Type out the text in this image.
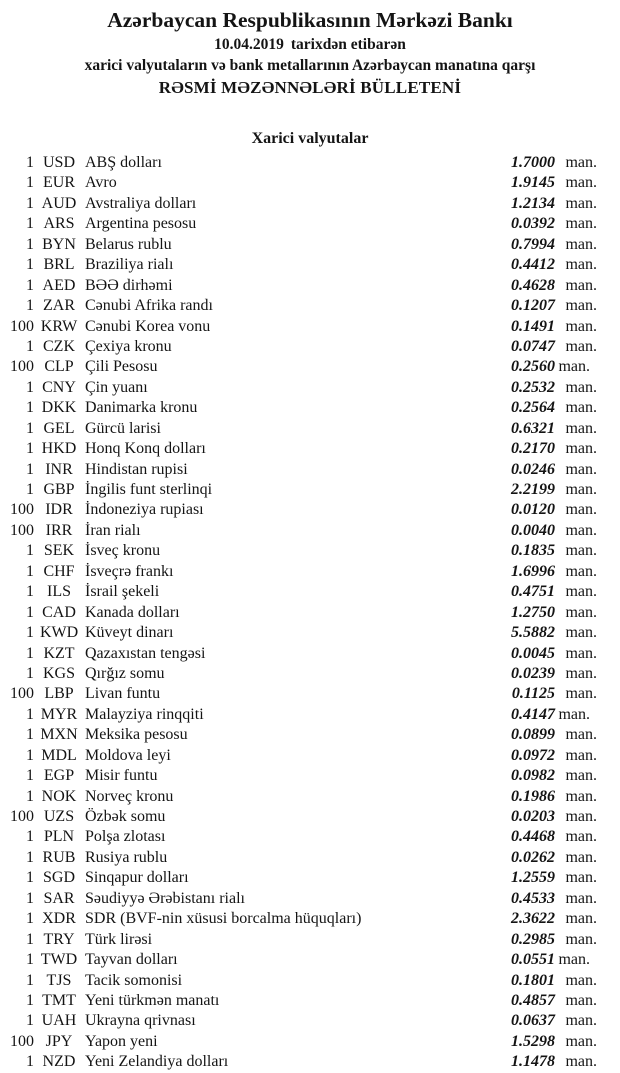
Azərbaycan Respublikasının Mərkəzi Bankı
10.04.2019 tarixdən etibarən
xarici valyutaların və bank metallarının Azərbaycan manatına qarşı
RƏSMİ MƏZƏNNƏLƏRİ BÜLLETENİ
Xarici valyutalar
1 USD ABŞ dolları	1.7000 man.
1 EUR Avro	1.9145 man.
1 AUD Avstraliya dolları	1.2134 man.
1 ARS Argentina pesosu	0.0392 man.
1 BYN Belarus rublu	0.7994 man.
1 BRL Braziliya rialı	0.4412 man.
1 AED BƏƏ dirhəmi	0.4628 man.
1 ZAR Cənubi Afrika randı	0.1207 man.
100 KRW Cənubi Korea vonu	0.1491 man.
1 CZK Çexiya kronu	0.0747 man.
100 CLP Çili Pesosu	0.2560 man.
1 CNY Çin yuanı	0.2532 man.
1 DKK Danimarka kronu	0.2564 man.
1 GEL Gürcü larisi	0.6321 man.
1 HKD Honq Konq dolları	0.2170 man.
1 INR Hindistan rupisi	0.0246 man.
1 GBP İngilis funt sterlinqi	2.2199 man.
100 IDR İndoneziya rupiası	0.0120 man.
100 IRR İran rialı	0.0040 man.
1 SEK İsveç kronu	0.1835 man.
1 CHF İsveçrə frankı	1.6996 man.
1 ILS İsrail şekeli	0.4751 man.
1 CAD Kanada dolları	1.2750 man.
1 KWD Küveyt dinarı	5.5882 man.
1 KZT Qazaxıstan tengəsi	0.0045 man.
1 KGS Qırğız somu	0.0239 man.
100 LBP Livan funtu	0.1125 man.
1 MYR Malayziya rinqqiti	0.4147 man.
1 MXN Meksika pesosu	0.0899 man.
1 MDL Moldova leyi	0.0972 man.
1 EGP Misir funtu	0.0982 man.
1 NOK Norveç kronu	0.1986 man.
100 UZS Özbək somu	0.0203 man.
1 PLN Polşa zlotası	0.4468 man.
1 RUB Rusiya rublu	0.0262 man.
1 SGD Sinqapur dolları	1.2559 man.
1 SAR Səudiyyə Ərəbistanı rialı	0.4533 man.
1 XDR SDR (BVF-nin xüsusi borcalma hüquqları)	2.3622 man.
1 TRY Türk lirəsi	0.2985 man.
1 TWD Tayvan dolları	0.0551 man.
1 TJS Tacik somonisi	0.1801 man.
1 TMT Yeni türkmən manatı	0.4857 man.
1 UAH Ukrayna qrivnası	0.0637 man.
100 JPY Yapon yeni	1.5298 man.
1 NZD Yeni Zelandiya dolları	1.1478 man.
